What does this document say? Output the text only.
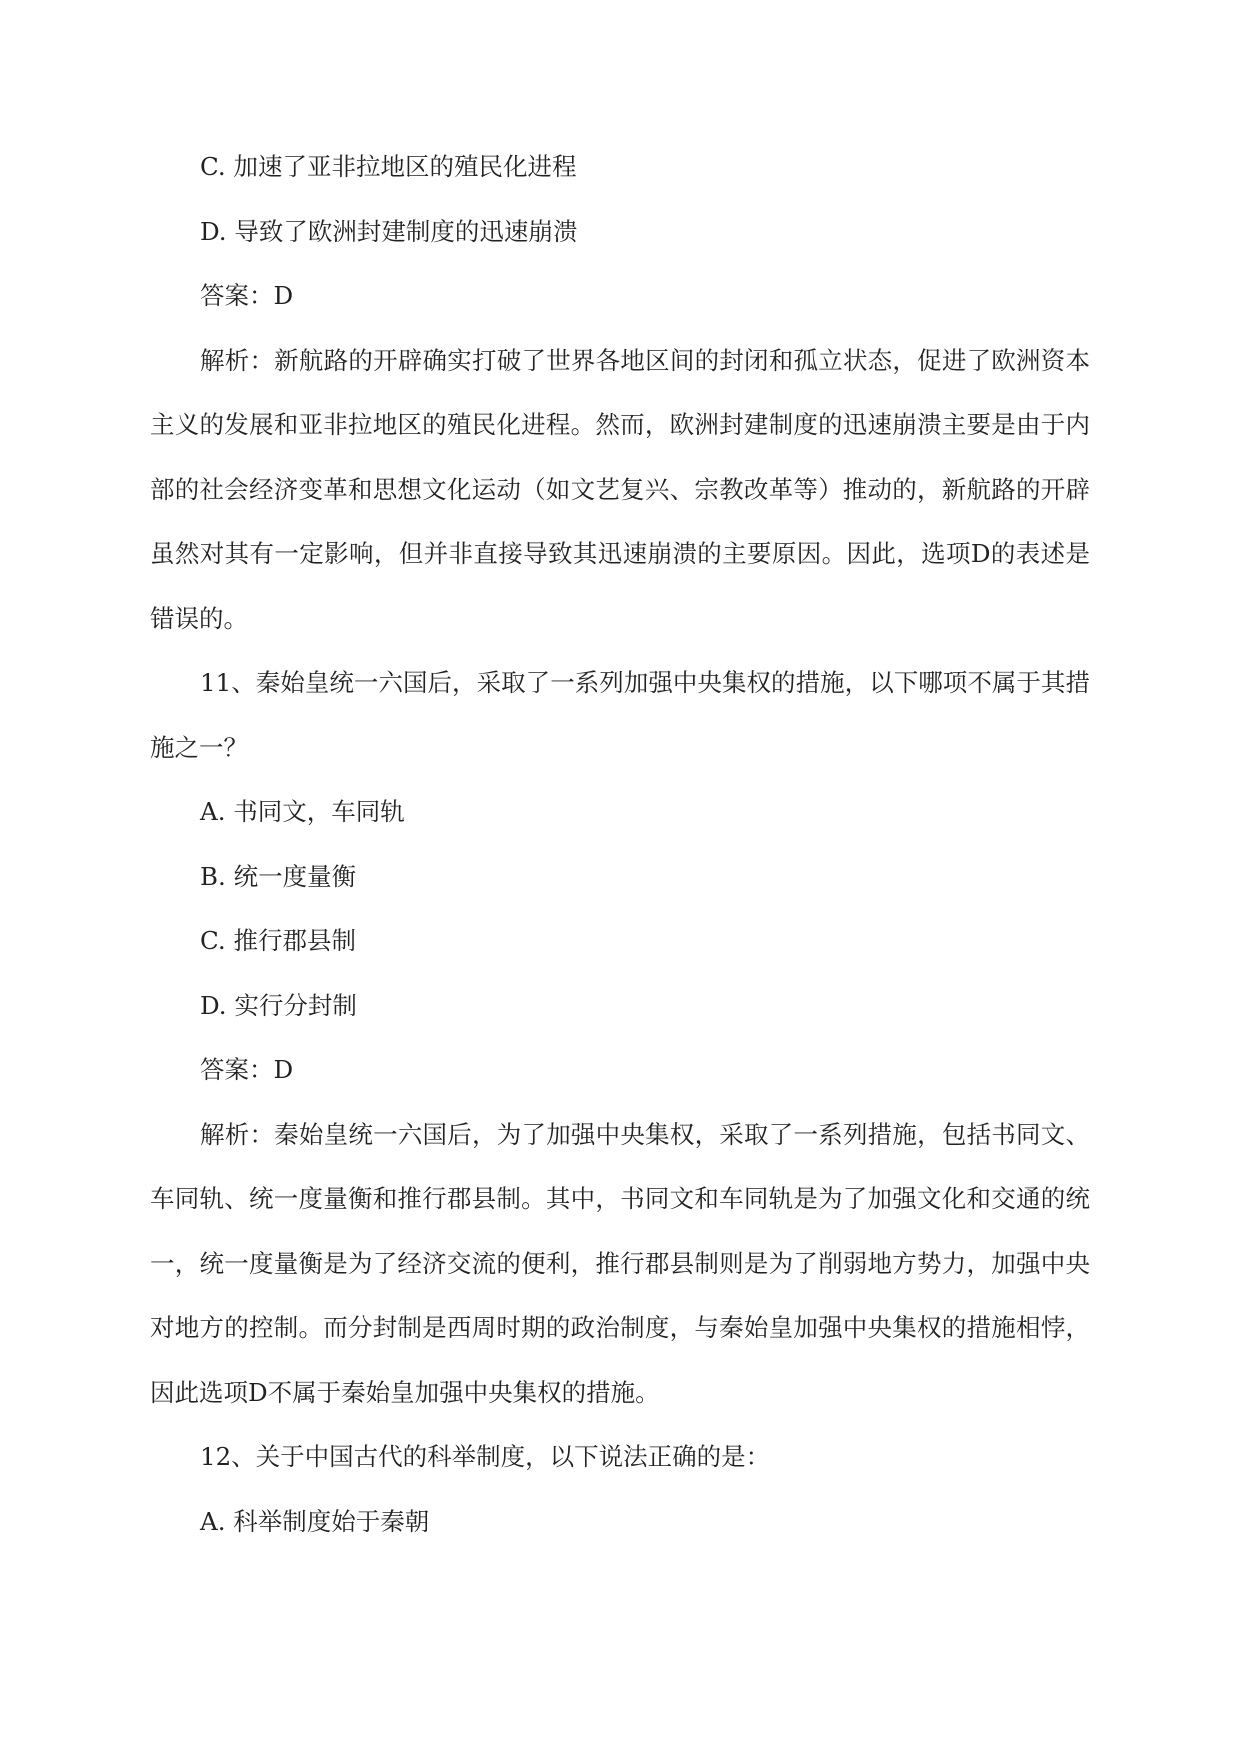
C. 加速了亚非拉地区的殖民化进程
D. 导致了欧洲封建制度的迅速崩溃
答案：D
解析：新航路的开辟确实打破了世界各地区间的封闭和孤立状态，促进了欧洲资本
主义的发展和亚非拉地区的殖民化进程。然而，欧洲封建制度的迅速崩溃主要是由于内
部的社会经济变革和思想文化运动（如文艺复兴、宗教改革等）推动的，新航路的开辟
虽然对其有一定影响，但并非直接导致其迅速崩溃的主要原因。因此，选项D的表述是
错误的。
11、秦始皇统一六国后，采取了一系列加强中央集权的措施，以下哪项不属于其措
施之一？
A. 书同文，车同轨
B. 统一度量衡
C. 推行郡县制
D. 实行分封制
答案：D
解析：秦始皇统一六国后，为了加强中央集权，采取了一系列措施，包括书同文、
车同轨、统一度量衡和推行郡县制。其中，书同文和车同轨是为了加强文化和交通的统
一，统一度量衡是为了经济交流的便利，推行郡县制则是为了削弱地方势力，加强中央
对地方的控制。而分封制是西周时期的政治制度，与秦始皇加强中央集权的措施相悖，
因此选项D不属于秦始皇加强中央集权的措施。
12、关于中国古代的科举制度，以下说法正确的是：
A. 科举制度始于秦朝
